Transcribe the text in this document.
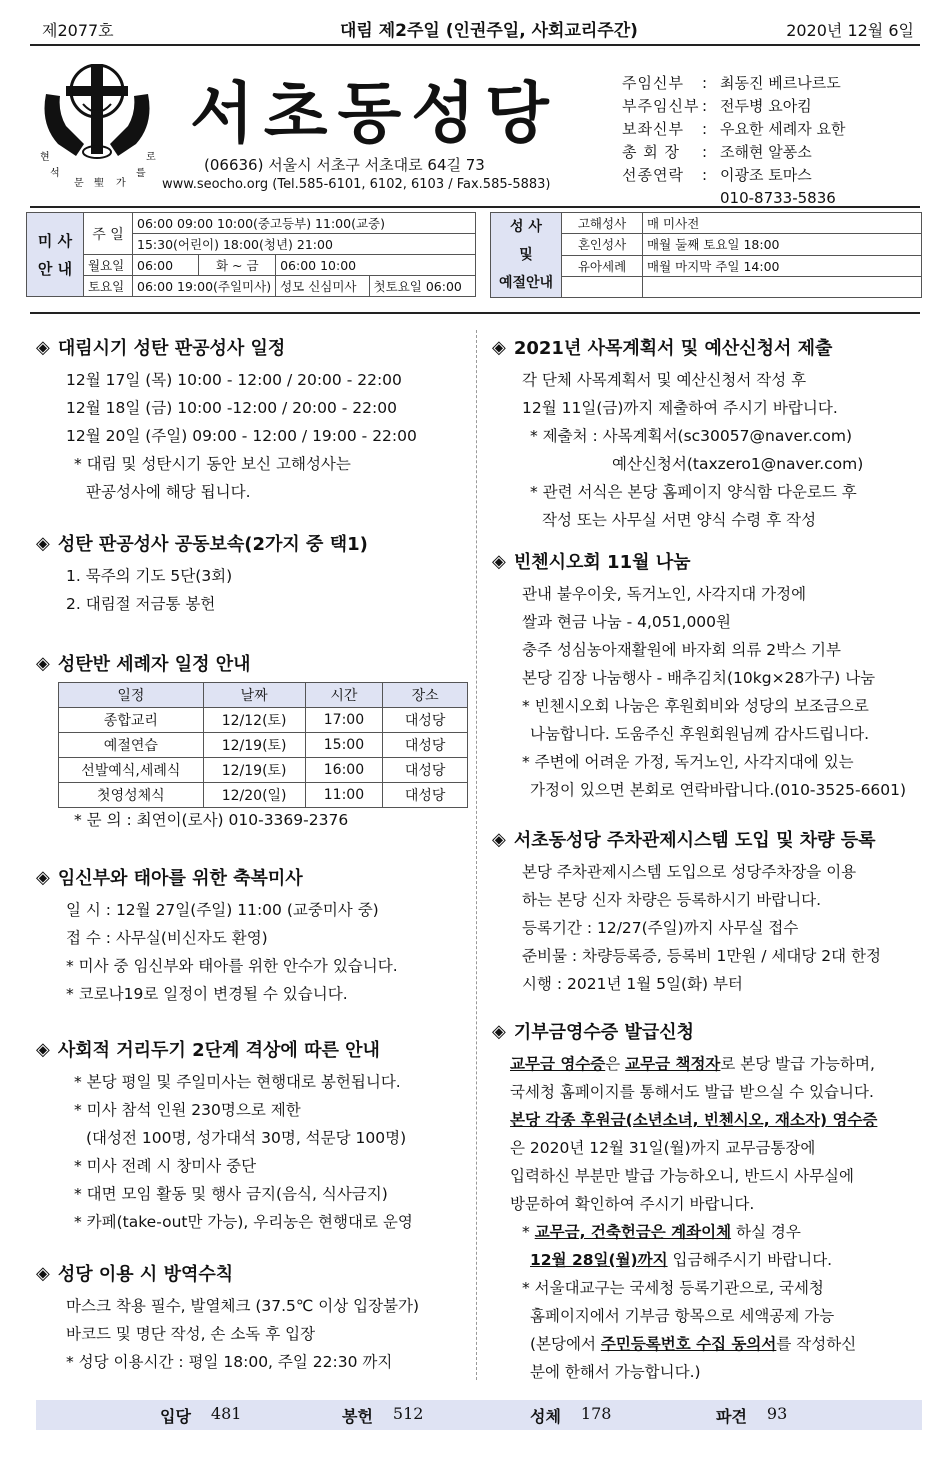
제2077호	대림 제2주일 (인권주일, 사회교리주간)	2020년 12월 6일
현	로
석	를
문 聖 가
서초동성당
(06636) 서울시 서초구 서초대로 64길 73
www.seocho.org (Tel.585-6101, 6102, 6103 / Fax.585-5883)
주임신부	: 최동진 베르나르도
부주임신부 : 전두병 요아킴
보좌신부	: 우요한 세례자 요한
총 회 장	: 조해현 알퐁소
선종연락	: 이광조 토마스
010-8733-5836
미 사
안 내	주 일	06:00 09:00 10:00(중고등부) 11:00(교중)			
		15:30(어린이) 18:00(청년) 21:00			
	월요일	06:00	화 ~ 금	06:00 10:00	
	토요일	06:00 19:00(주일미사)		성모 신심미사	첫토요일 06:00
성 사
및
예절안내	고해성사	매 미사전
	혼인성사	매월 둘째 토요일 18:00
	유아세례	매월 마지막 주일 14:00

◈ 대림시기 성탄 판공성사 일정
12월 17일 (목) 10:00 - 12:00 / 20:00 - 22:00
12월 18일 (금) 10:00 -12:00 / 20:00 - 22:00
12월 20일 (주일) 09:00 - 12:00 / 19:00 - 22:00
* 대림 및 성탄시기 동안 보신 고해성사는
판공성사에 해당 됩니다.
◈ 성탄 판공성사 공동보속(2가지 중 택1)
1. 묵주의 기도 5단(3회)
2. 대림절 저금통 봉헌
◈ 성탄반 세례자 일정 안내
일정	날짜	시간	장소
종합교리	12/12(토)	17:00	대성당
예절연습	12/19(토)	15:00	대성당
선발예식,세례식	12/19(토)	16:00	대성당
첫영성체식	12/20(일)	11:00	대성당
* 문 의 : 최연이(로사) 010-3369-2376
◈ 임신부와 태아를 위한 축복미사
일 시 : 12월 27일(주일) 11:00 (교중미사 중)
접 수 : 사무실(비신자도 환영)
* 미사 중 임신부와 태아를 위한 안수가 있습니다.
* 코로나19로 일정이 변경될 수 있습니다.
◈ 사회적 거리두기 2단계 격상에 따른 안내
* 본당 평일 및 주일미사는 현행대로 봉헌됩니다.
* 미사 참석 인원 230명으로 제한
(대성전 100명, 성가대석 30명, 석문당 100명)
* 미사 전례 시 창미사 중단
* 대면 모임 활동 및 행사 금지(음식, 식사금지)
* 카페(take-out만 가능), 우리농은 현행대로 운영
◈ 성당 이용 시 방역수칙
마스크 착용 필수, 발열체크 (37.5℃ 이상 입장불가)
바코드 및 명단 작성, 손 소독 후 입장
* 성당 이용시간 : 평일 18:00, 주일 22:30 까지
◈ 2021년 사목계획서 및 예산신청서 제출
각 단체 사목계획서 및 예산신청서 작성 후
12월 11일(금)까지 제출하여 주시기 바랍니다.
* 제출처 : 사목계획서(sc30057@naver.com)
예산신청서(taxzero1@naver.com)
* 관련 서식은 본당 홈페이지 양식함 다운로드 후
작성 또는 사무실 서면 양식 수령 후 작성
◈ 빈첸시오회 11월 나눔
관내 불우이웃, 독거노인, 사각지대 가정에
쌀과 현금 나눔 - 4,051,000원
충주 성심농아재활원에 바자회 의류 2박스 기부
본당 김장 나눔행사 - 배추김치(10kg×28가구) 나눔
* 빈첸시오회 나눔은 후원회비와 성당의 보조금으로
나눔합니다. 도움주신 후원회원님께 감사드립니다.
* 주변에 어려운 가정, 독거노인, 사각지대에 있는
가정이 있으면 본회로 연락바랍니다.(010-3525-6601)
◈ 서초동성당 주차관제시스템 도입 및 차량 등록
본당 주차관제시스템 도입으로 성당주차장을 이용
하는 본당 신자 차량은 등록하시기 바랍니다.
등록기간 : 12/27(주일)까지 사무실 접수
준비물 : 차량등록증, 등록비 1만원 / 세대당 2대 한정
시행 : 2021년 1월 5일(화) 부터
◈ 기부금영수증 발급신청
교무금 영수증은 교무금 책정자로 본당 발급 가능하며,
국세청 홈페이지를 통해서도 발급 받으실 수 있습니다.
본당 각종 후원금(소년소녀, 빈첸시오, 재소자) 영수증
은 2020년 12월 31일(월)까지 교무금통장에
입력하신 부분만 발급 가능하오니, 반드시 사무실에
방문하여 확인하여 주시기 바랍니다.
* 교무금, 건축헌금은 계좌이체 하실 경우
12월 28일(월)까지 입금해주시기 바랍니다.
* 서울대교구는 국세청 등록기관으로, 국세청
홈페이지에서 기부금 항목으로 세액공제 가능
(본당에서 주민등록번호 수집 동의서를 작성하신
분에 한해서 가능합니다.)
입당 481	봉헌 512	성체 178	파견 93
